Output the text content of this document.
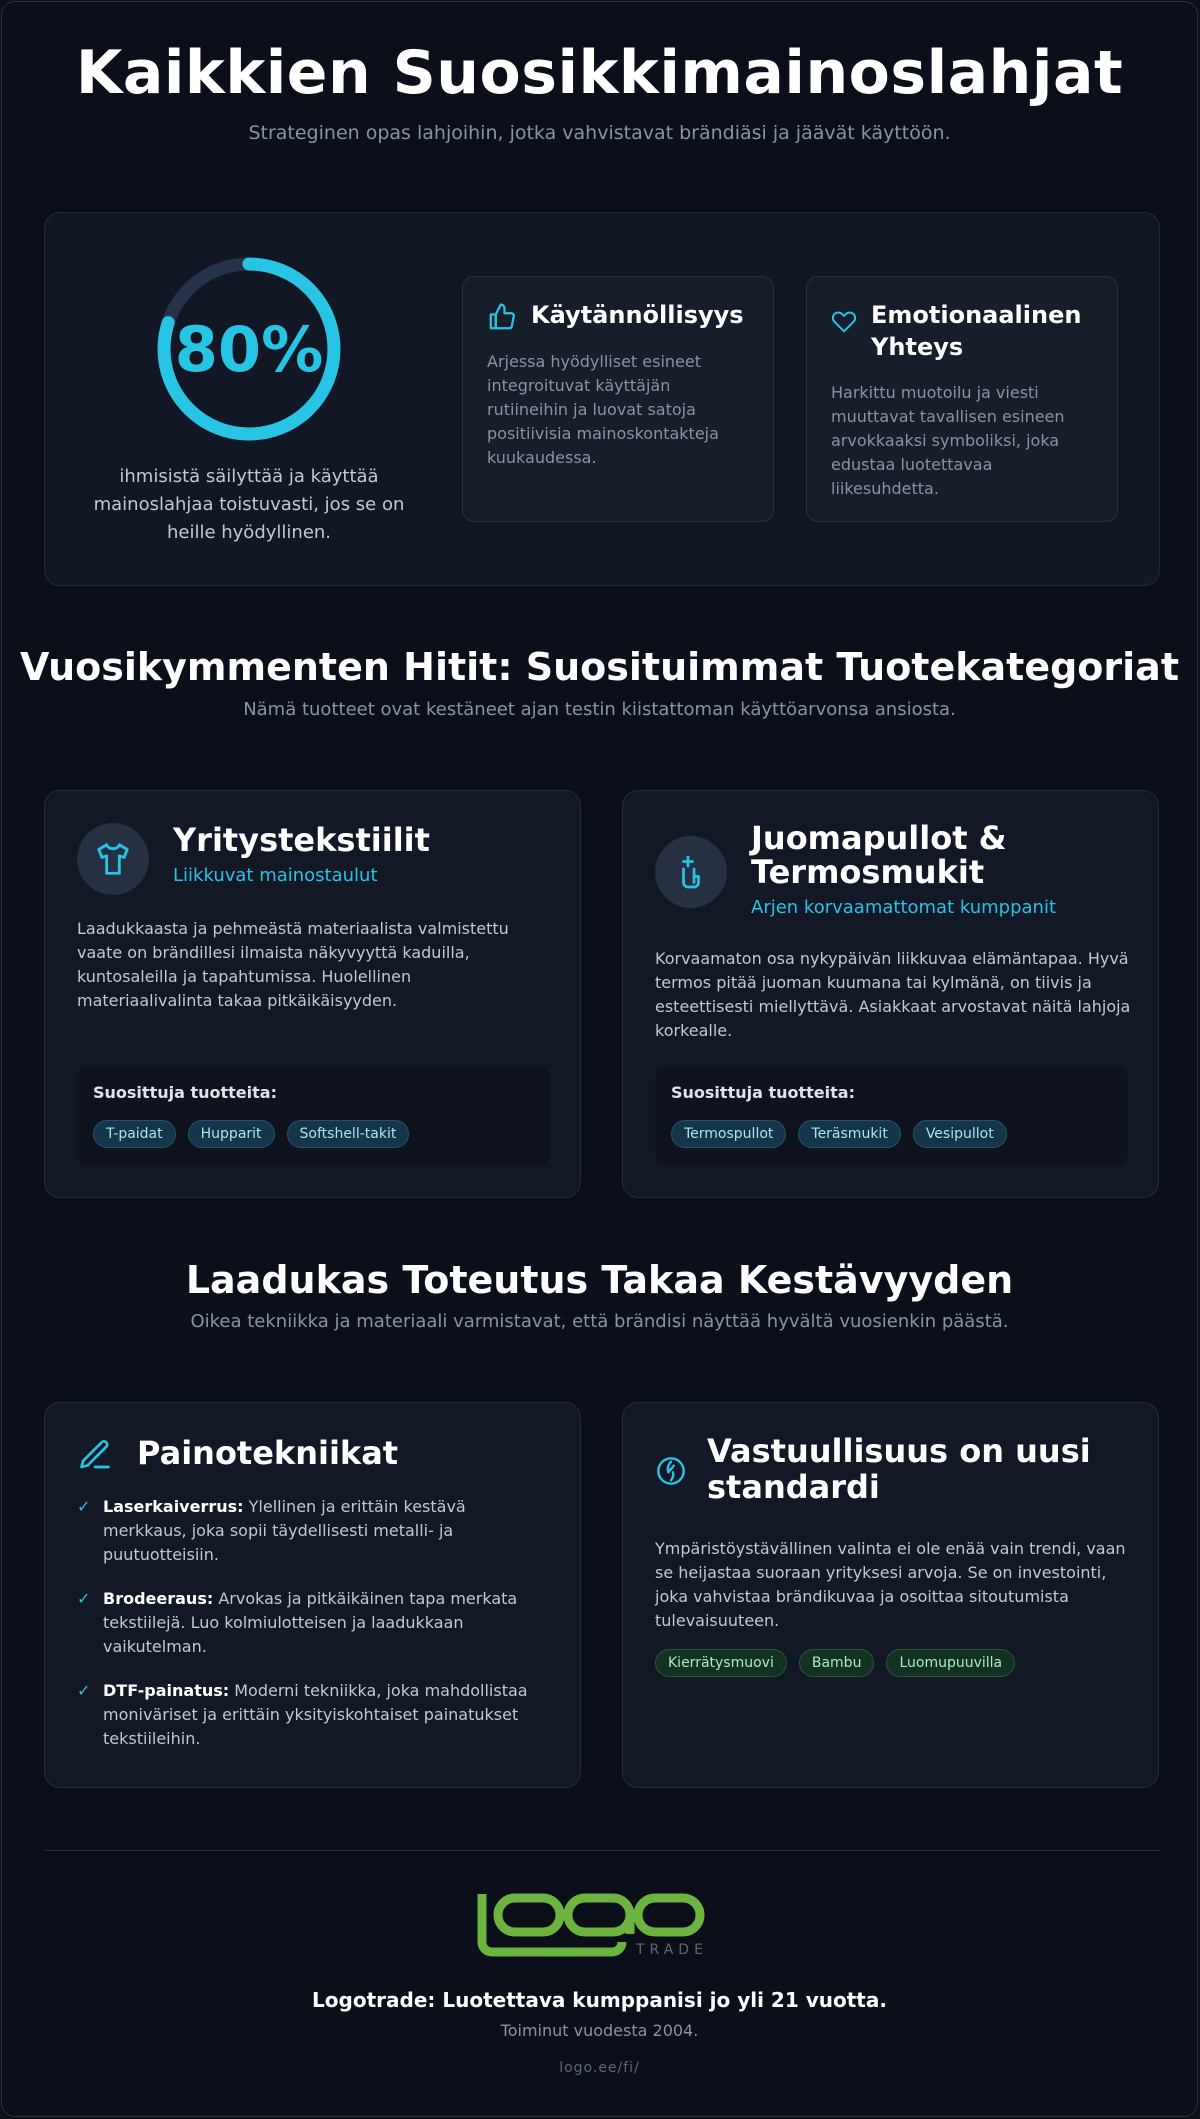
Kaikkien Suosikkimainoslahjat

Strateginen opas lahjoihin, jotka vahvistavat brändiäsi ja jäävät käyttöön.

80%

ihmisistä säilyttää ja käyttää mainoslahjaa toistuvasti, jos se on heille hyödyllinen.

Käytännöllisyys

Arjessa hyödylliset esineet integroituvat käyttäjän rutiineihin ja luovat satoja positiivisia mainoskontakteja kuukaudessa.

Emotionaalinen Yhteys

Harkittu muotoilu ja viesti muuttavat tavallisen esineen arvokkaaksi symboliksi, joka edustaa luotettavaa liikesuhdetta.

Vuosikymmenten Hitit: Suosituimmat Tuotekategoriat

Nämä tuotteet ovat kestäneet ajan testin kiistattoman käyttöarvonsa ansiosta.

Yritystekstiilit
Liikkuvat mainostaulut

Laadukkaasta ja pehmeästä materiaalista valmistettu vaate on brändillesi ilmaista näkyvyyttä kaduilla, kuntosaleilla ja tapahtumissa. Huolellinen materiaalivalinta takaa pitkäikäisyyden.

Suosittuja tuotteita:
T-paidat	Hupparit	Softshell-takit
Juomapullot & Termosmukit
Arjen korvaamattomat kumppanit

Korvaamaton osa nykypäivän liikkuvaa elämäntapaa. Hyvä termos pitää juoman kuumana tai kylmänä, on tiivis ja esteettisesti miellyttävä. Asiakkaat arvostavat näitä lahjoja korkealle.

Suosittuja tuotteita:
Termospullot	Teräsmukit	Vesipullot
Laadukas Toteutus Takaa Kestävyyden

Oikea tekniikka ja materiaali varmistavat, että brändisi näyttää hyvältä vuosienkin päästä.

Painotekniikat
✓ Laserkaiverrus: Ylellinen ja erittäin kestävä merkkaus, joka sopii täydellisesti metalli- ja puutuotteisiin.
✓ Brodeeraus: Arvokas ja pitkäikäinen tapa merkata tekstiilejä. Luo kolmiulotteisen ja laadukkaan vaikutelman.
✓ DTF-painatus: Moderni tekniikka, joka mahdollistaa moniväriset ja erittäin yksityiskohtaiset painatukset tekstiileihin.
Vastuullisuus on uusi standardi

Ympäristöystävällinen valinta ei ole enää vain trendi, vaan se heijastaa suoraan yrityksesi arvoja. Se on investointi, joka vahvistaa brändikuvaa ja osoittaa sitoutumista tulevaisuuteen.

Kierrätysmuovi	Bambu	Luomupuuvilla
TRADE

Logotrade: Luotettava kumppanisi jo yli 21 vuotta.

Toiminut vuodesta 2004.

logo.ee/fi/
